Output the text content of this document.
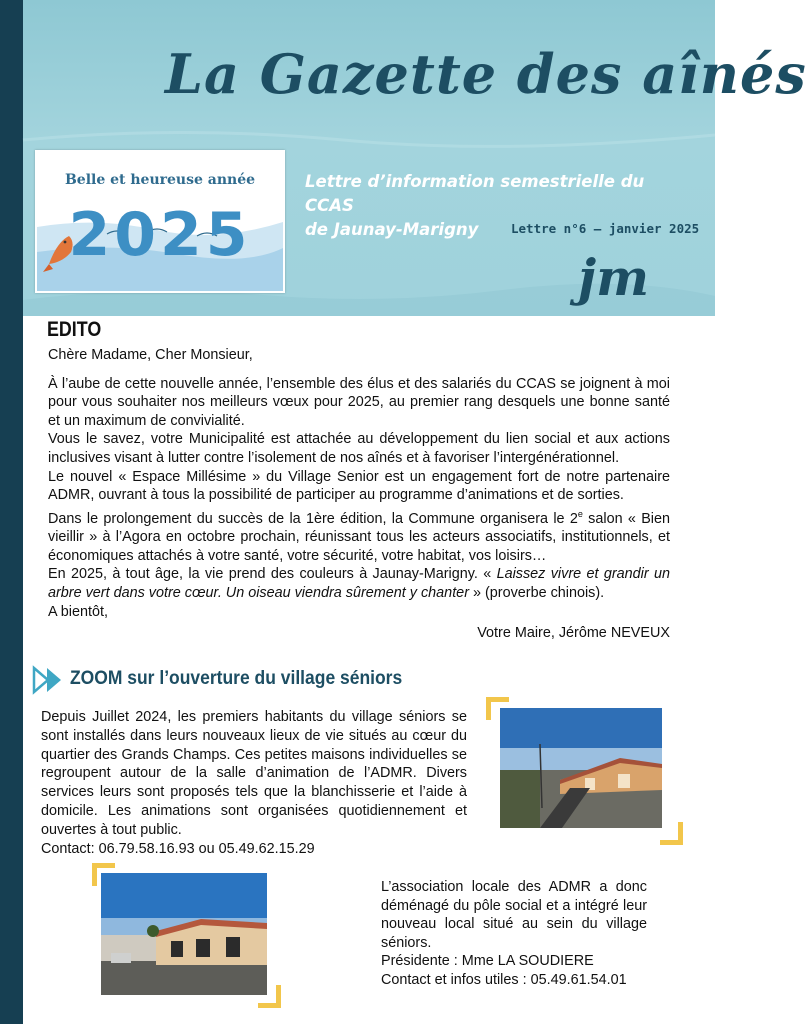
La Gazette des aînés
Belle et heureuse année
2025
Lettre d’information semestrielle du CCAS
de Jaunay-Marigny	Lettre n°6 – janvier 2025
jm
EDITO

Chère Madame, Cher Monsieur,

À l’aube de cette nouvelle année, l’ensemble des élus et des salariés du CCAS se joignent à moi pour vous souhaiter nos meilleurs vœux pour 2025, au premier rang desquels une bonne santé et un maximum de convivialité.

Vous le savez, votre Municipalité est attachée au développement du lien social et aux actions inclusives visant à lutter contre l’isolement de nos aînés et à favoriser l’intergénérationnel.

Le nouvel « Espace Millésime » du Village Senior est un engagement fort de notre partenaire ADMR, ouvrant à tous la possibilité de participer au programme d’animations et de sorties.

Dans le prolongement du succès de la 1ère édition, la Commune organisera le 2e salon « Bien vieillir » à l’Agora en octobre prochain, réunissant tous les acteurs associatifs, institutionnels, et économiques attachés à votre santé, votre sécurité, votre habitat, vos loisirs…

En 2025, à tout âge, la vie prend des couleurs à Jaunay-Marigny. « Laissez vivre et grandir un arbre vert dans votre cœur. Un oiseau viendra sûrement y chanter » (proverbe chinois).

A bientôt,

Votre Maire, Jérôme NEVEUX

ZOOM sur l’ouverture du village séniors

Depuis Juillet 2024, les premiers habitants du village séniors se sont installés dans leurs nouveaux lieux de vie situés au cœur du quartier des Grands Champs. Ces petites maisons individuelles se regroupent autour de la salle d’animation de l’ADMR. Divers services leurs sont proposés tels que la blanchisserie et l’aide à domicile. Les animations sont organisées quotidiennement et ouvertes à tout public.

Contact: 06.79.58.16.93 ou 05.49.62.15.29

L’association locale des ADMR a donc déménagé du pôle social et a intégré leur nouveau local situé au sein du village séniors.

Présidente : Mme LA SOUDIERE

Contact et infos utiles : 05.49.61.54.01
